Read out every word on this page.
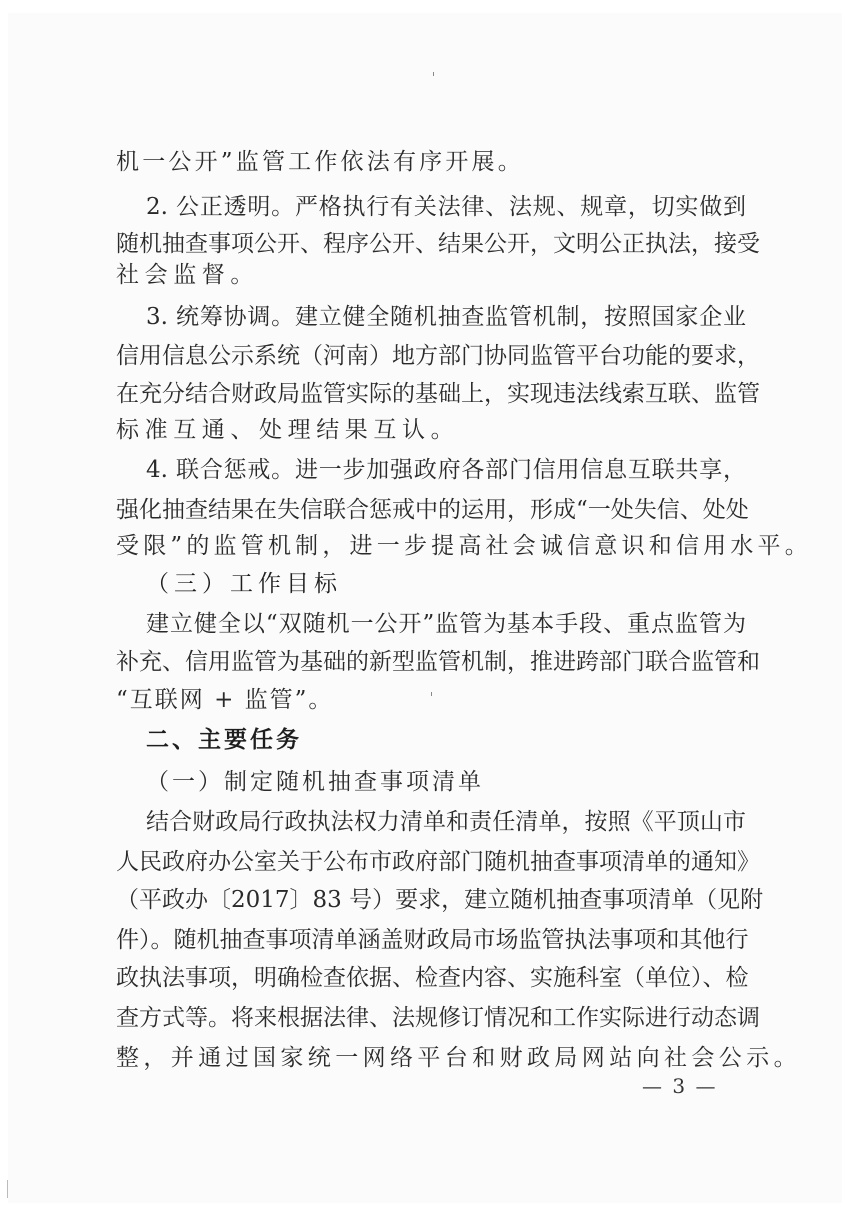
机一公开”监管工作依法有序开展。
2. 公正透明。严格执行有关法律、法规、规章，切实做到
随机抽查事项公开、程序公开、结果公开，文明公正执法，接受
社会监督。
3. 统筹协调。建立健全随机抽查监管机制，按照国家企业
信用信息公示系统（河南）地方部门协同监管平台功能的要求，
在充分结合财政局监管实际的基础上，实现违法线索互联、监管
标准互通、处理结果互认。
4. 联合惩戒。进一步加强政府各部门信用信息互联共享，
强化抽查结果在失信联合惩戒中的运用，形成“一处失信、处处
受限”的监管机制，进一步提高社会诚信意识和信用水平。
（三）工作目标
建立健全以“双随机一公开”监管为基本手段、重点监管为
补充、信用监管为基础的新型监管机制，推进跨部门联合监管和
“互联网 + 监管”。
二、主要任务
（一）制定随机抽查事项清单
结合财政局行政执法权力清单和责任清单，按照《平顶山市
人民政府办公室关于公布市政府部门随机抽查事项清单的通知》
（平政办〔2017〕83 号）要求，建立随机抽查事项清单（见附
件）。随机抽查事项清单涵盖财政局市场监管执法事项和其他行
政执法事项，明确检查依据、检查内容、实施科室（单位）、检
查方式等。将来根据法律、法规修订情况和工作实际进行动态调
整，并通过国家统一网络平台和财政局网站向社会公示。
— 3 —
